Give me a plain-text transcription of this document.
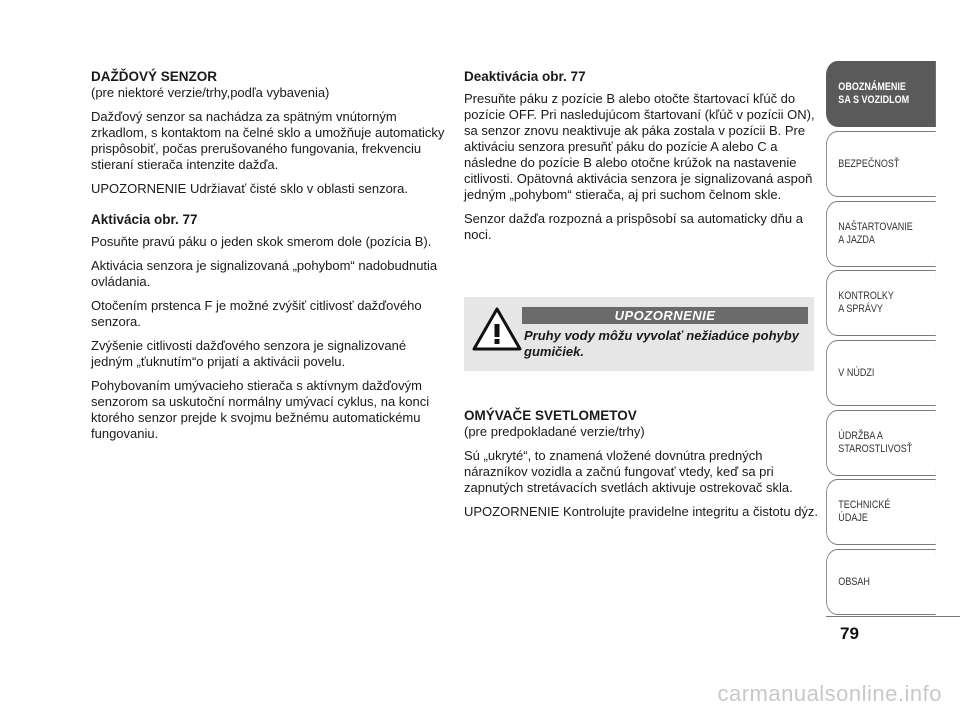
DAŽĎOVÝ SENZOR

(pre niektoré verzie/trhy,podľa vybavenia)

Dažďový senzor sa nachádza za spätným vnútorným zrkadlom, s kontaktom na čelné sklo a umožňuje automaticky prispôsobiť, počas prerušovaného fungovania, frekvenciu stieraní stierača intenzite dažďa.

UPOZORNENIE Udržiavať čisté sklo v oblasti senzora.

Aktivácia obr. 77

Posuňte pravú páku o jeden skok smerom dole (pozícia B).

Aktivácia senzora je signalizovaná „pohybom“ nadobudnutia ovládania.

Otočením prstenca F je možné zvýšiť citlivosť dažďového senzora.

Zvýšenie citlivosti dažďového senzora je signalizované jedným „ťuknutím“o prijatí a aktivácii povelu.

Pohybovaním umývacieho stierača s aktívnym dažďovým senzorom sa uskutoční normálny umývací cyklus, na konci ktorého senzor prejde k svojmu bežnému automatickému fungovaniu.

Deaktivácia obr. 77

Presuňte páku z pozície B alebo otočte štartovací kľúč do pozície OFF. Pri nasledujúcom štartovaní (kľúč v pozícii ON), sa senzor znovu neaktivuje ak páka zostala v pozícii B. Pre aktiváciu senzora presuňť páku do pozície A alebo C a následne do pozície B alebo otočne krúžok na nastavenie citlivosti. Opätovná aktivácia senzora je signalizovaná aspoň jedným „pohybom“ stierača, aj pri suchom čelnom skle.

Senzor dažďa rozpozná a prispôsobí sa automaticky dňu a noci.

UPOZORNENIE
Pruhy vody môžu vyvolať nežiadúce pohyby gumičiek.
OMÝVAČE SVETLOMETOV

(pre predpokladané verzie/trhy)

Sú „ukryté“, to znamená vložené dovnútra predných nárazníkov vozidla a začnú fungovať vtedy, keď sa pri zapnutých stretávacích svetlách aktivuje ostrekovač skla.

UPOZORNENIE Kontrolujte pravidelne integritu a čistotu dýz.

OBOZNÁMENIE
SA S VOZIDLOM
BEZPEČNOSŤ
NAŠTARTOVANIE
A JAZDA
KONTROLKY
A SPRÁVY
V NÚDZI
ÚDRŽBA A
STAROSTLIVOSŤ
TECHNICKÉ
ÚDAJE
OBSAH
79
carmanualsonline.info
